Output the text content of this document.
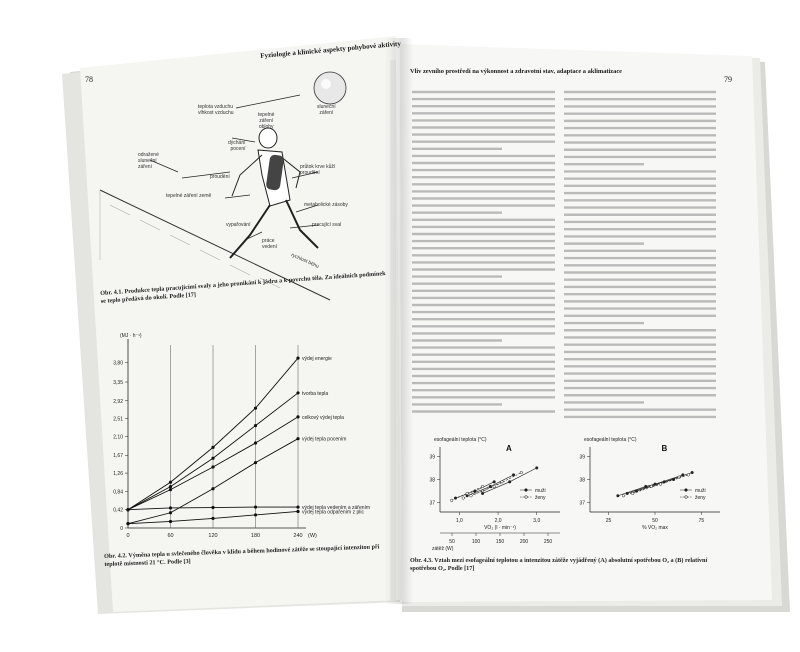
78
Fyziologie a klinické aspekty pohybové aktivity
sluneční
záření
teplota vzduchu
vlhkost vzduchu	tepelné
záření
oblohy
dýchání
pocení
průtok krve kůží
proudění
odražené
sluneční
záření
proudění
tepelné záření země
metabolické zásoby
vypařování
práce
vedení
pracující sval
rychlost běhu
Obr. 4.1. Produkce tepla pracujícími svaly a jeho pronikání k jádru a k povrchu těla. Za ideálních podmínek se teplo předává do okolí. Podle [17]
0	60	120	180	240
0
0,42
0,84
1,26
1,67
2,10
2,51
2,92
3,35
3,80
(MJ · h⁻¹)
(W)
výdej energie
tvorba tepla
celkový výdej tepla
výdej tepla pocením
výdej tepla vedením a zářením
výdej tepla odpařením z plic
Obr. 4.2. Výměna tepla u svlečeného člověka v klidu a během hodinové zátěže se stoupající intenzitou při teplotě místnosti 21 °C. Podle [3]
Vliv zevního prostředí na výkonnost a zdravotní stav, adaptace a aklimatizace
79
esofageální teplota (°C)
A
37
38
39
1,0	2,0	3,0
muži
ženy
VO₂ (l · min⁻¹)
50	100	150	200	250
zátěž (W)
esofageální teplota (°C)
B
37
38
39
25	50	75
muži
ženy
% VO₂ max
Obr. 4.3. Vztah mezi esofageální teplotou a intenzitou zátěže vyjádřený (A) absolutní spotřebou O₂ a (B) relativní spotřebou O₂. Podle [17]
